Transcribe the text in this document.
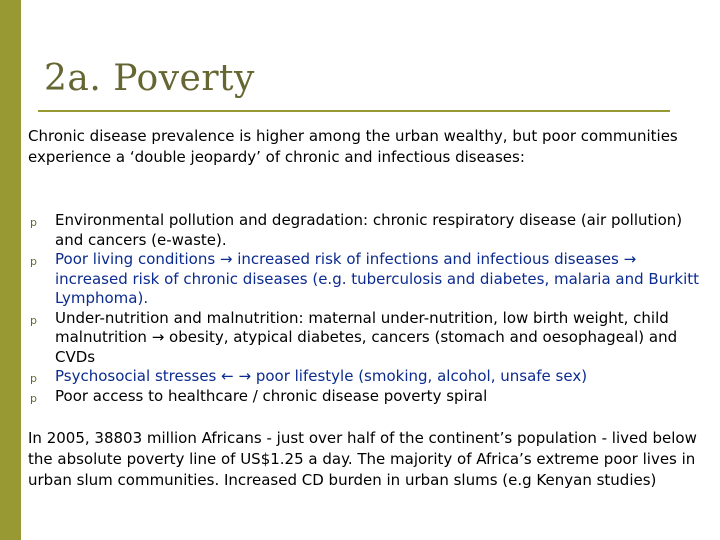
2a. Poverty
Chronic disease prevalence is higher among the urban wealthy, but poor communities experience a ‘double jeopardy’ of chronic and infectious diseases:
p Environmental pollution and degradation: chronic respiratory disease (air pollution) and cancers (e-waste).
p Poor living conditions → increased risk of infections and infectious diseases → increased risk of chronic diseases (e.g. tuberculosis and diabetes, malaria and Burkitt Lymphoma).
p Under-nutrition and malnutrition: maternal under-nutrition, low birth weight, child malnutrition → obesity, atypical diabetes, cancers (stomach and oesophageal) and CVDs
p Psychosocial stresses ← → poor lifestyle (smoking, alcohol, unsafe sex)
p Poor access to healthcare / chronic disease poverty spiral
In 2005, 38803 million Africans - just over half of the continent’s population - lived below the absolute poverty line of US$1.25 a day. The majority of Africa’s extreme poor lives in urban slum communities. Increased CD burden in urban slums (e.g Kenyan studies)
